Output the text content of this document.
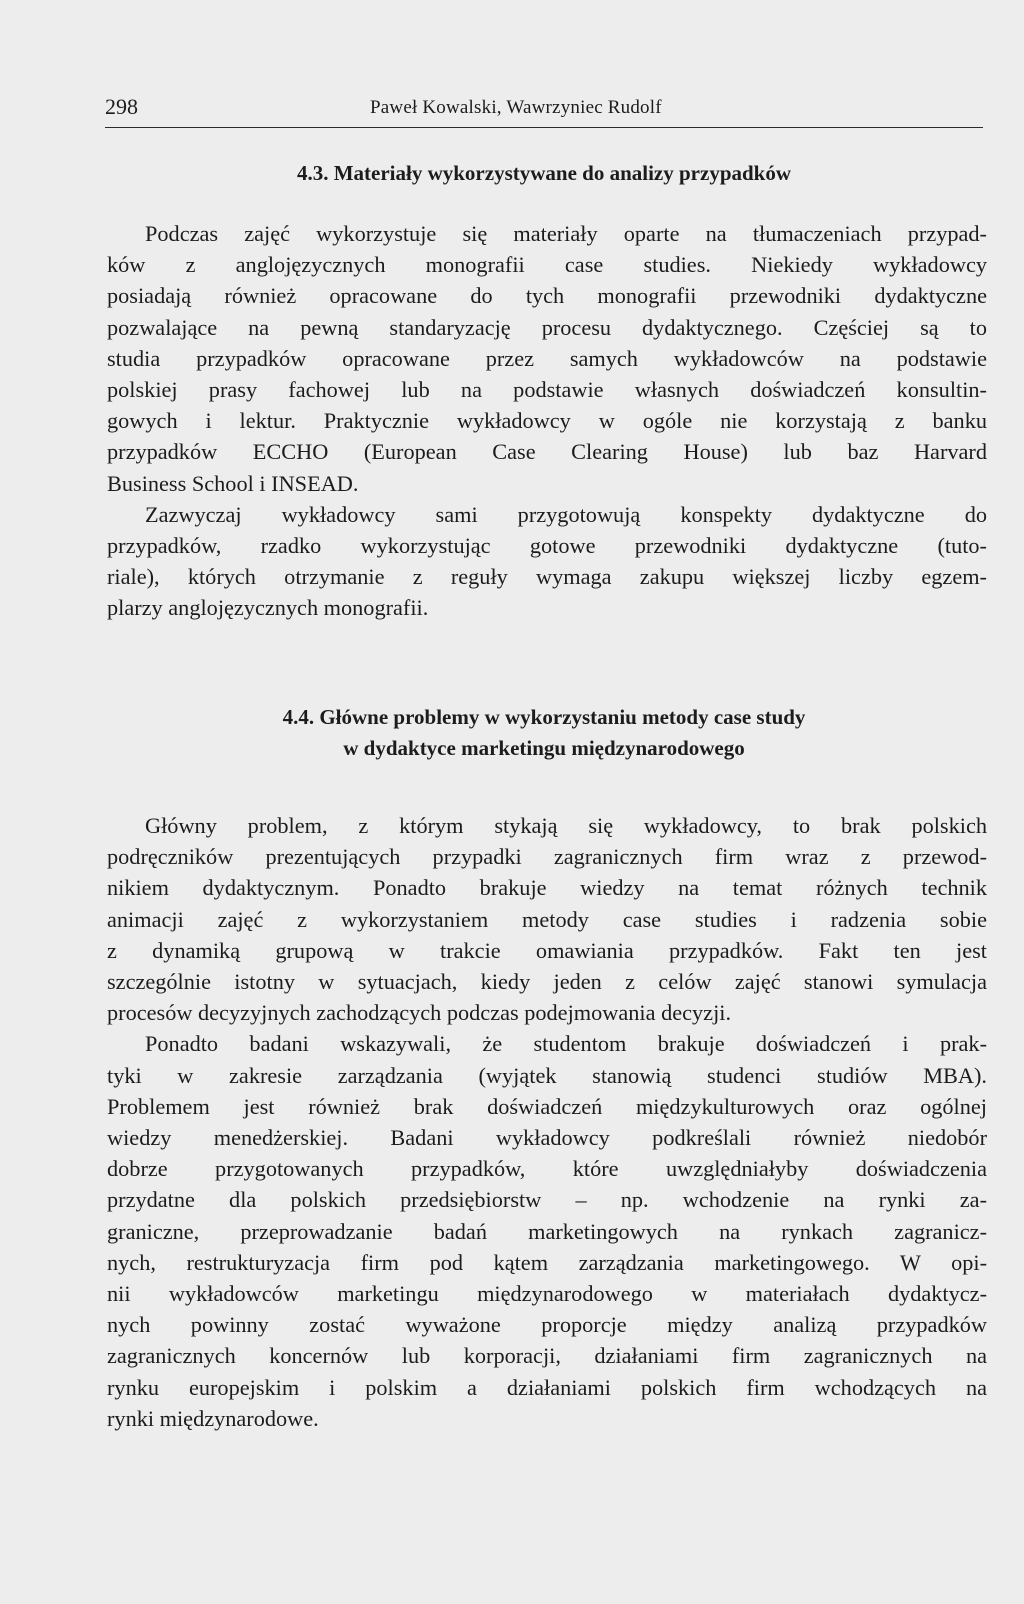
298	Paweł Kowalski, Wawrzyniec Rudolf
4.3. Materiały wykorzystywane do analizy przypadków
Podczas zajęć wykorzystuje się materiały oparte na tłumaczeniach przypad-
ków z anglojęzycznych monografii case studies. Niekiedy wykładowcy
posiadają również opracowane do tych monografii przewodniki dydaktyczne
pozwalające na pewną standaryzację procesu dydaktycznego. Częściej są to
studia przypadków opracowane przez samych wykładowców na podstawie
polskiej prasy fachowej lub na podstawie własnych doświadczeń konsultin-
gowych i lektur. Praktycznie wykładowcy w ogóle nie korzystają z banku
przypadków ECCHO (European Case Clearing House) lub baz Harvard
Business School i INSEAD.
Zazwyczaj wykładowcy sami przygotowują konspekty dydaktyczne do
przypadków, rzadko wykorzystując gotowe przewodniki dydaktyczne (tuto-
riale), których otrzymanie z reguły wymaga zakupu większej liczby egzem-
plarzy anglojęzycznych monografii.
4.4. Główne problemy w wykorzystaniu metody case study
w dydaktyce marketingu międzynarodowego
Główny problem, z którym stykają się wykładowcy, to brak polskich
podręczników prezentujących przypadki zagranicznych firm wraz z przewod-
nikiem dydaktycznym. Ponadto brakuje wiedzy na temat różnych technik
animacji zajęć z wykorzystaniem metody case studies i radzenia sobie
z dynamiką grupową w trakcie omawiania przypadków. Fakt ten jest
szczególnie istotny w sytuacjach, kiedy jeden z celów zajęć stanowi symulacja
procesów decyzyjnych zachodzących podczas podejmowania decyzji.
Ponadto badani wskazywali, że studentom brakuje doświadczeń i prak-
tyki w zakresie zarządzania (wyjątek stanowią studenci studiów MBA).
Problemem jest również brak doświadczeń międzykulturowych oraz ogólnej
wiedzy menedżerskiej. Badani wykładowcy podkreślali również niedobór
dobrze przygotowanych przypadków, które uwzględniałyby doświadczenia
przydatne dla polskich przedsiębiorstw – np. wchodzenie na rynki za-
graniczne, przeprowadzanie badań marketingowych na rynkach zagranicz-
nych, restrukturyzacja firm pod kątem zarządzania marketingowego. W opi-
nii wykładowców marketingu międzynarodowego w materiałach dydaktycz-
nych powinny zostać wyważone proporcje między analizą przypadków
zagranicznych koncernów lub korporacji, działaniami firm zagranicznych na
rynku europejskim i polskim a działaniami polskich firm wchodzących na
rynki międzynarodowe.
